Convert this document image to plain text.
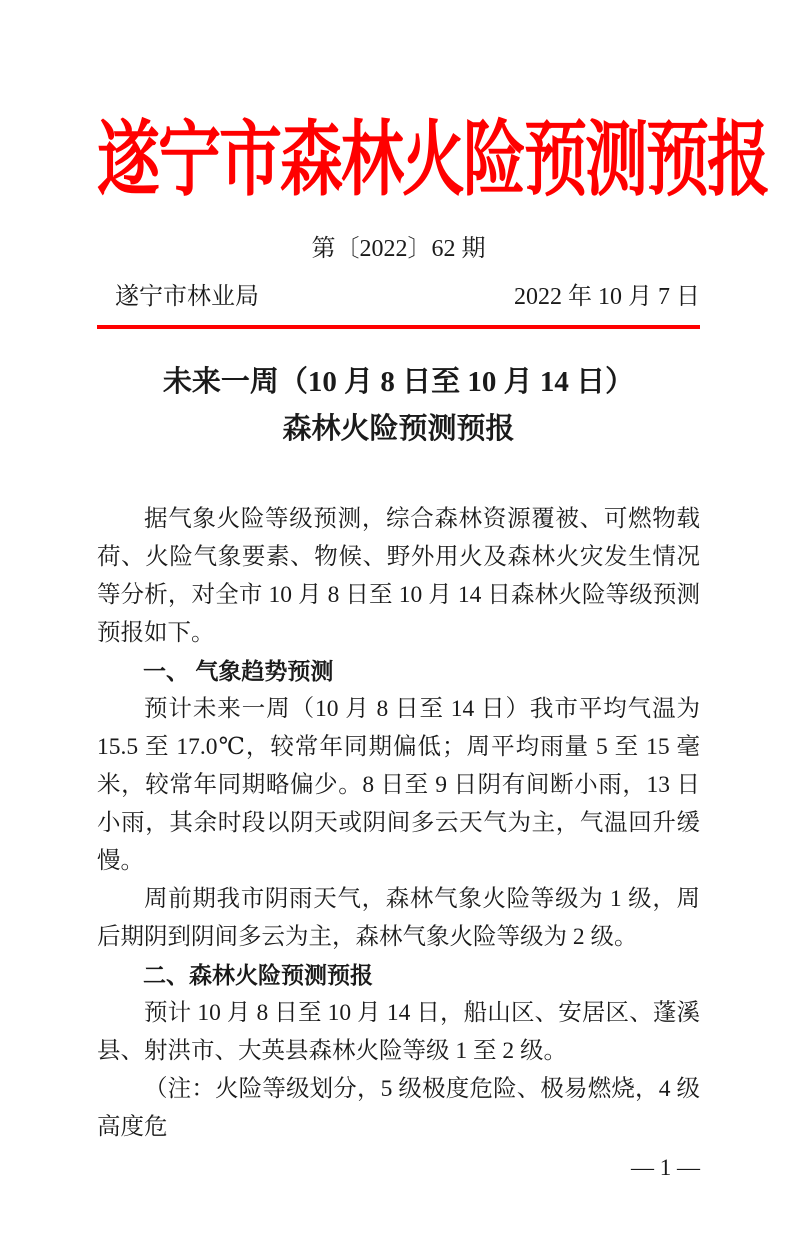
遂宁市森林火险预测预报
第〔2022〕62 期
遂宁市林业局	2022 年 10 月 7 日
未来一周（10 月 8 日至 10 月 14 日）
森林火险预测预报

据气象火险等级预测，综合森林资源覆被、可燃物载荷、火险气象要素、物候、野外用火及森林火灾发生情况等分析，对全市 10 月 8 日至 10 月 14 日森林火险等级预测预报如下。

一、 气象趋势预测

预计未来一周（10 月 8 日至 14 日）我市平均气温为 15.5 至 17.0℃，较常年同期偏低；周平均雨量 5 至 15 毫米，较常年同期略偏少。8 日至 9 日阴有间断小雨，13 日小雨，其余时段以阴天或阴间多云天气为主，气温回升缓慢。

周前期我市阴雨天气，森林气象火险等级为 1 级，周后期阴到阴间多云为主，森林气象火险等级为 2 级。

二、森林火险预测预报

预计 10 月 8 日至 10 月 14 日，船山区、安居区、蓬溪县、射洪市、大英县森林火险等级 1 至 2 级。

（注：火险等级划分，5 级极度危险、极易燃烧，4 级高度危

— 1 —
